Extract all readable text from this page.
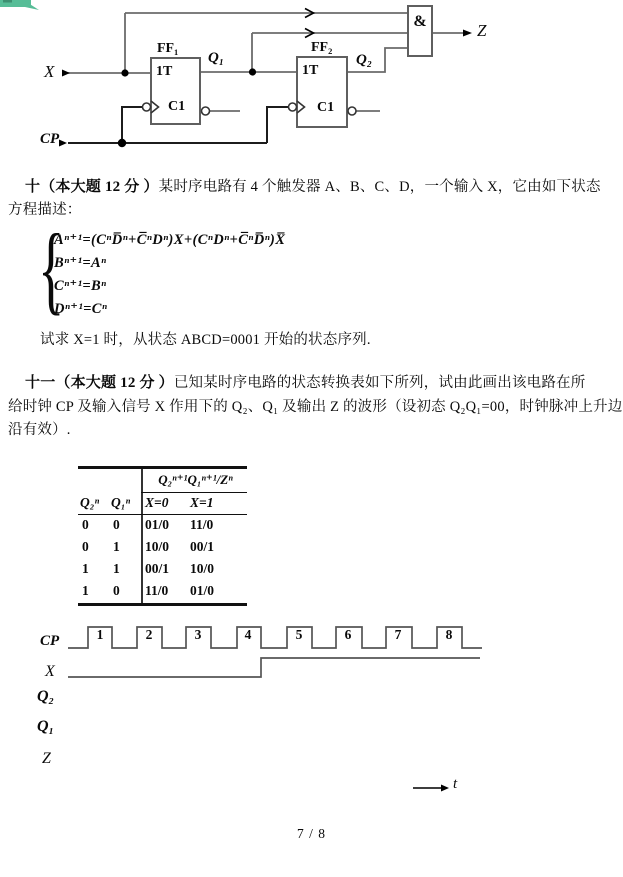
X
CP
FF₁	FF₂
1T
C1
1T
C1
Q₁	Q₂
&	Z
十（本大题 12 分 ）某时序电路有 4 个触发器 A、B、C、D，一个输入 X，它由如下状态
方程描述：
{
Aⁿ⁺¹=(CⁿD̅ⁿ+C̅ⁿDⁿ)X+(CⁿDⁿ+C̅ⁿD̅ⁿ)X̅
Bⁿ⁺¹=Aⁿ
Cⁿ⁺¹=Bⁿ
Dⁿ⁺¹=Cⁿ
试求 X=1 时，从状态 ABCD=0001 开始的状态序列.
十一（本大题 12 分 ）已知某时序电路的状态转换表如下所列，试由此画出该电路在所
给时钟 CP 及输入信号 X 作用下的 Q₂、Q₁ 及输出 Z 的波形（设初态 Q₂Q₁=00，时钟脉冲上升边
沿有效）.
Q₂ⁿ⁺¹Q₁ⁿ⁺¹/Zⁿ
Q₂ⁿ Q₁ⁿ X=0 X=1
0 0 01/0 11/0
0 1 10/0 00/1
1 1 00/1 10/0
1 0 11/0 01/0
CP
X
Q₂
Q₁
Z
t
1	2	3	4	5	6	7	8
7 / 8
